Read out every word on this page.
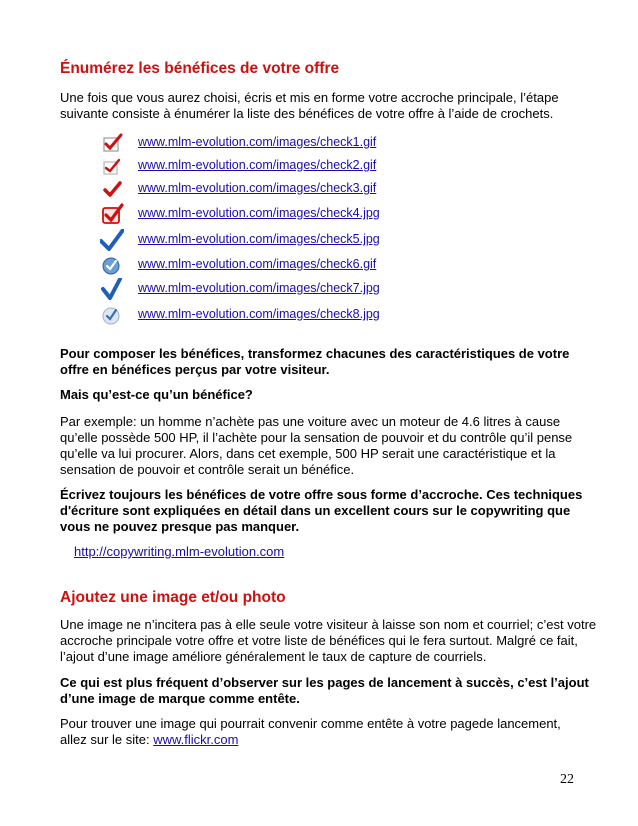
Énumérez les bénéfices de votre offre
Une fois que vous aurez choisi, écris et mis en forme votre accroche principale, l’étape
suivante consiste à énumérer la liste des bénéfices de votre offre à l’aide de crochets.
www.mlm-evolution.com/images/check1.gif
www.mlm-evolution.com/images/check2.gif
www.mlm-evolution.com/images/check3.gif
www.mlm-evolution.com/images/check4.jpg
www.mlm-evolution.com/images/check5.jpg
www.mlm-evolution.com/images/check6.gif
www.mlm-evolution.com/images/check7.jpg
www.mlm-evolution.com/images/check8.jpg
Pour composer les bénéfices, transformez chacunes des caractéristiques de votre
offre en bénéfices perçus par votre visiteur.
Mais qu’est-ce qu’un bénéfice?
Par exemple: un homme n’achète pas une voiture avec un moteur de 4.6 litres à cause
qu’elle possède 500 HP, il l’achète pour la sensation de pouvoir et du contrôle qu’il pense
qu’elle va lui procurer. Alors, dans cet exemple, 500 HP serait une caractéristique et la
sensation de pouvoir et contrôle serait un bénéfice.
Écrivez toujours les bénéfices de votre offre sous forme d’accroche. Ces techniques
d'écriture sont expliquées en détail dans un excellent cours sur le copywriting que
vous ne pouvez presque pas manquer.
http://copywriting.mlm-evolution.com
Ajoutez une image et/ou photo
Une image ne n’incitera pas à elle seule votre visiteur à laisse son nom et courriel; c’est votre
accroche principale votre offre et votre liste de bénéfices qui le fera surtout. Malgré ce fait,
l’ajout d’une image améliore généralement le taux de capture de courriels.
Ce qui est plus fréquent d’observer sur les pages de lancement à succès, c’est l’ajout
d’une image de marque comme entête.
Pour trouver une image qui pourrait convenir comme entête à votre pagede lancement,
allez sur le site: www.flickr.com
22
